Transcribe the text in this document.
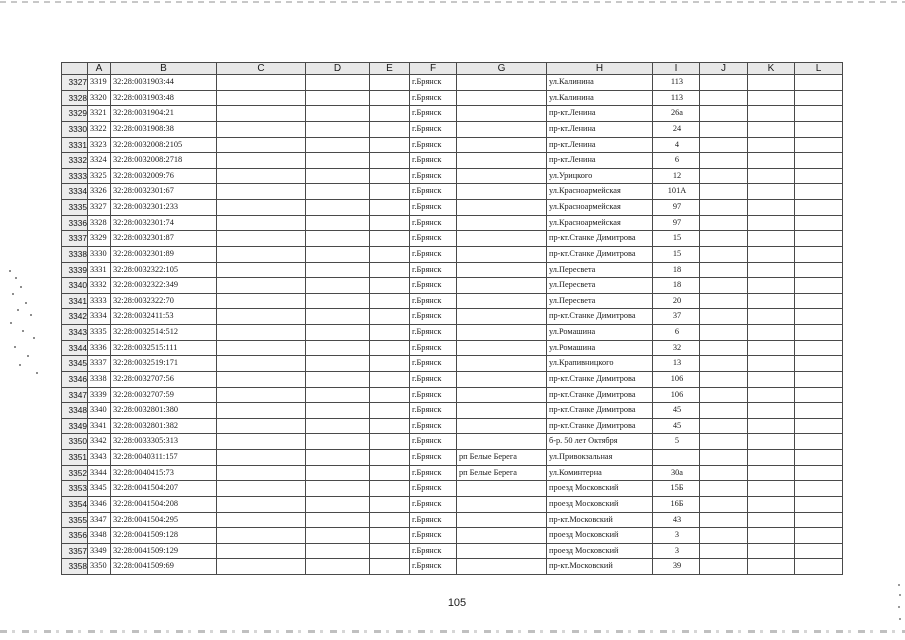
	A	B	C	D	E	F	G	H	I	J	K	L
3327	3319	32:28:0031903:44				г.Брянск		ул.Калинина	113			
3328	3320	32:28:0031903:48				г.Брянск		ул.Калинина	113			
3329	3321	32:28:0031904:21				г.Брянск		пр-кт.Ленина	26а			
3330	3322	32:28:0031908:38				г.Брянск		пр-кт.Ленина	24			
3331	3323	32:28:0032008:2105				г.Брянск		пр-кт.Ленина	4			
3332	3324	32:28:0032008:2718				г.Брянск		пр-кт.Ленина	6			
3333	3325	32:28:0032009:76				г.Брянск		ул.Урицкого	12			
3334	3326	32:28:0032301:67				г.Брянск		ул.Красноармейская	101А			
3335	3327	32:28:0032301:233				г.Брянск		ул.Красноармейская	97			
3336	3328	32:28:0032301:74				г.Брянск		ул.Красноармейская	97			
3337	3329	32:28:0032301:87				г.Брянск		пр-кт.Станке Димитрова	15			
3338	3330	32:28:0032301:89				г.Брянск		пр-кт.Станке Димитрова	15			
3339	3331	32:28:0032322:105				г.Брянск		ул.Пересвета	18			
3340	3332	32:28:0032322:349				г.Брянск		ул.Пересвета	18			
3341	3333	32:28:0032322:70				г.Брянск		ул.Пересвета	20			
3342	3334	32:28:0032411:53				г.Брянск		пр-кт.Станке Димитрова	37			
3343	3335	32:28:0032514:512				г.Брянск		ул.Ромашина	6			
3344	3336	32:28:0032515:111				г.Брянск		ул.Ромашина	32			
3345	3337	32:28:0032519:171				г.Брянск		ул.Крапивницкого	13			
3346	3338	32:28:0032707:56				г.Брянск		пр-кт.Станке Димитрова	106			
3347	3339	32:28:0032707:59				г.Брянск		пр-кт.Станке Димитрова	106			
3348	3340	32:28:0032801:380				г.Брянск		пр-кт.Станке Димитрова	45			
3349	3341	32:28:0032801:382				г.Брянск		пр-кт.Станке Димитрова	45			
3350	3342	32:28:0033305:313				г.Брянск		б-р. 50 лет Октября	5			
3351	3343	32:28:0040311:157				г.Брянск	рп Белые Берега	ул.Привокзальная				
3352	3344	32:28:0040415:73				г.Брянск	рп Белые Берега	ул.Коминтерна	30а			
3353	3345	32:28:0041504:207				г.Брянск		проезд Московский	15Б			
3354	3346	32:28:0041504:208				г.Брянск		проезд Московский	16Б			
3355	3347	32:28:0041504:295				г.Брянск		пр-кт.Московский	43			
3356	3348	32:28:0041509:128				г.Брянск		проезд Московский	3			
3357	3349	32:28:0041509:129				г.Брянск		проезд Московский	3			
3358	3350	32:28:0041509:69				г.Брянск		пр-кт.Московский	39			
105
